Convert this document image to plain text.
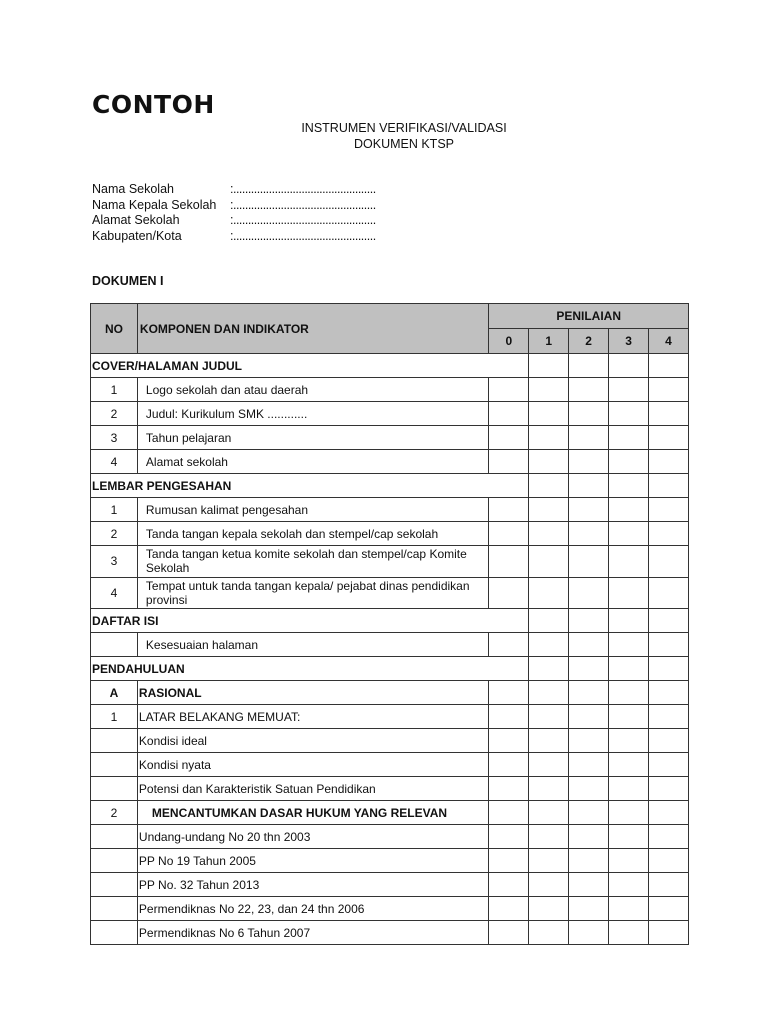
CONTOH
INSTRUMEN VERIFIKASI/VALIDASI
DOKUMEN KTSP
Nama Sekolah	:................................................
Nama Kepala Sekolah	:................................................
Alamat Sekolah	:................................................
Kabupaten/Kota	:................................................
DOKUMEN I
NO	KOMPONEN DAN INDIKATOR	PENILAIAN				
		0	1	2	3	4
COVER/HALAMAN JUDUL						
1	Logo sekolah dan atau daerah					
2	Judul: Kurikulum SMK ............					
3	Tahun pelajaran					
4	Alamat sekolah					
LEMBAR PENGESAHAN						
1	Rumusan kalimat pengesahan					
2	Tanda tangan kepala sekolah dan stempel/cap sekolah					
3	Tanda tangan ketua komite sekolah dan stempel/cap Komite Sekolah					
4	Tempat untuk tanda tangan kepala/ pejabat dinas pendidikan provinsi					
DAFTAR ISI						
	Kesesuaian halaman					
PENDAHULUAN						
A	RASIONAL					
1	LATAR BELAKANG MEMUAT:					
	Kondisi ideal					
	Kondisi nyata					
	Potensi dan Karakteristik Satuan Pendidikan					
2	MENCANTUMKAN DASAR HUKUM YANG RELEVAN					
	Undang-undang No 20 thn 2003					
	PP No 19 Tahun 2005					
	PP No. 32 Tahun 2013					
	Permendiknas No 22, 23, dan 24 thn 2006					
	Permendiknas No 6 Tahun 2007					
